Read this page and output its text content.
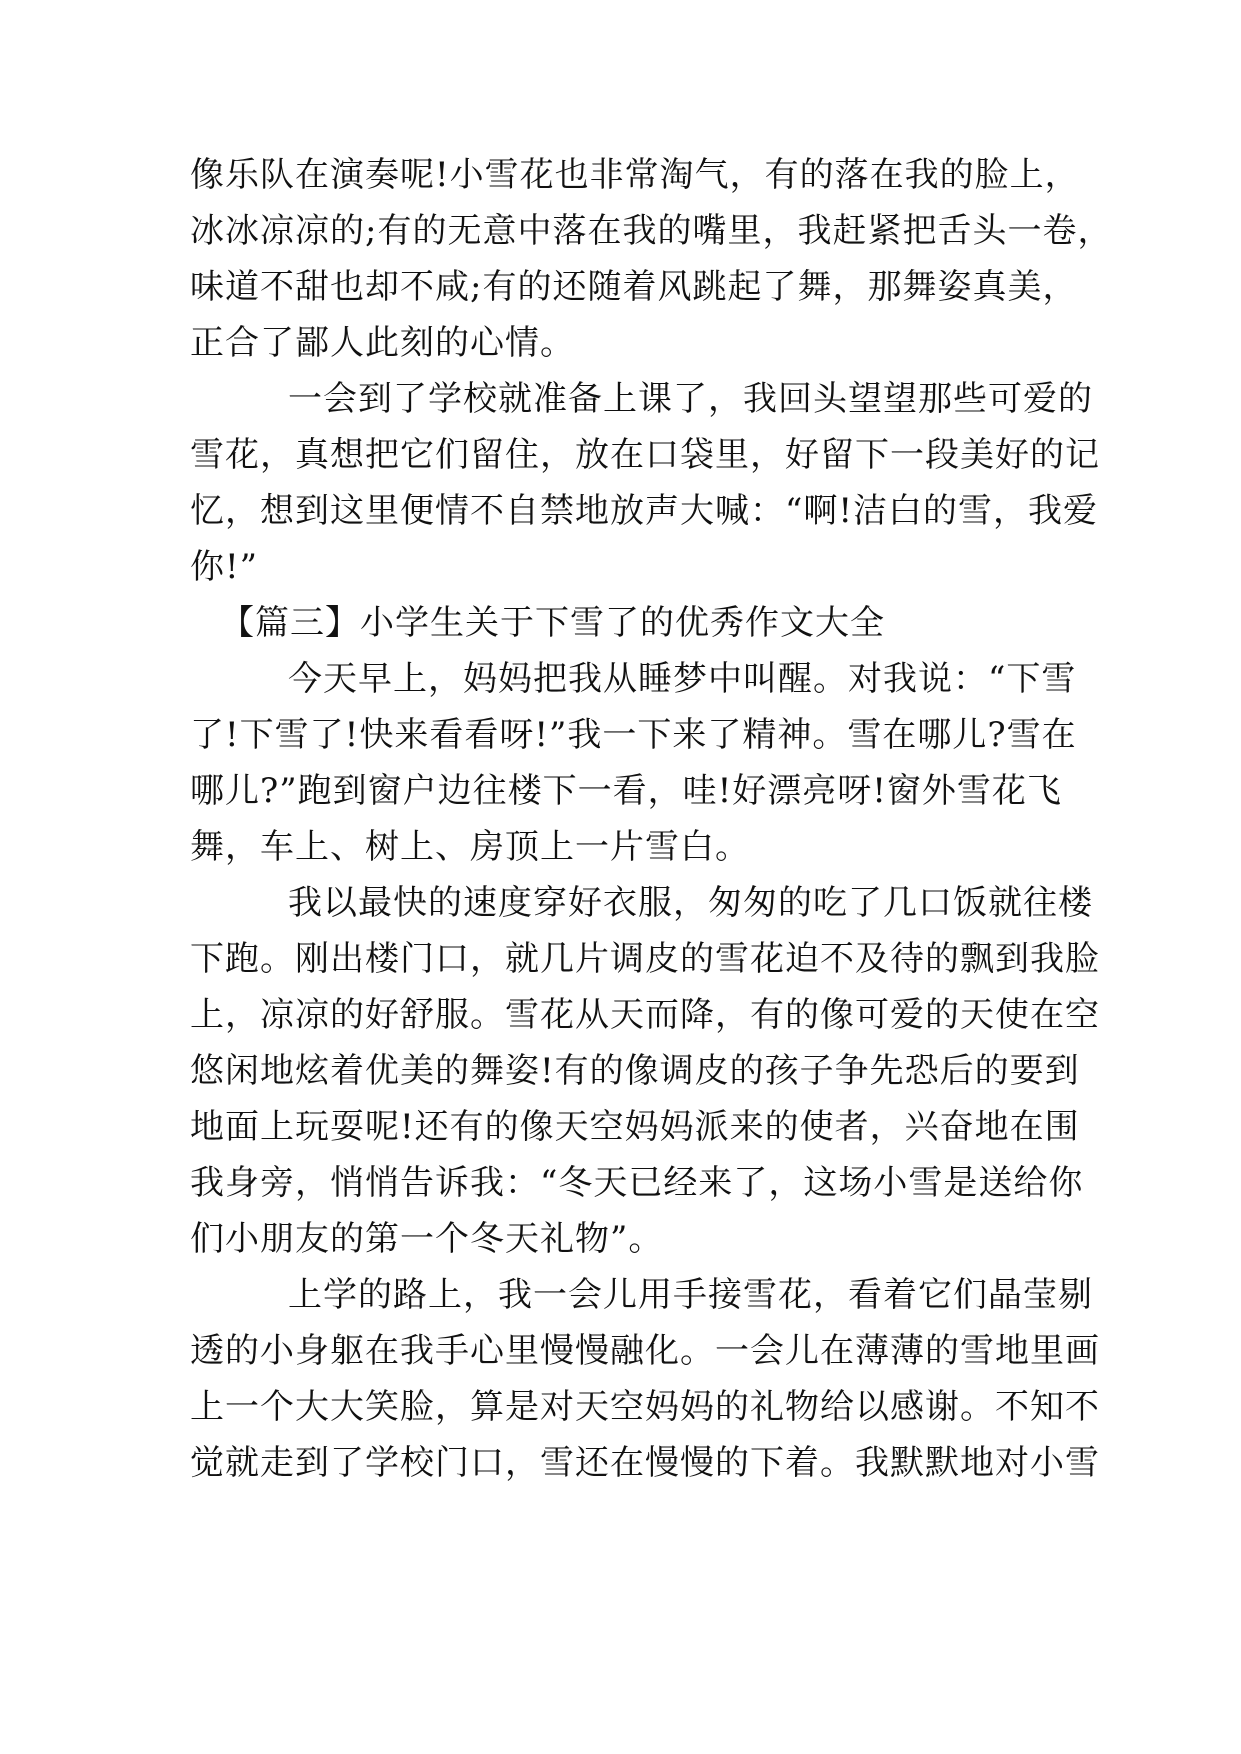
像乐队在演奏呢!小雪花也非常淘气，有的落在我的脸上，
冰冰凉凉的;有的无意中落在我的嘴里，我赶紧把舌头一卷，
味道不甜也却不咸;有的还随着风跳起了舞，那舞姿真美，
正合了鄙人此刻的心情。
一会到了学校就准备上课了，我回头望望那些可爱的
雪花，真想把它们留住，放在口袋里，好留下一段美好的记
忆，想到这里便情不自禁地放声大喊：“啊!洁白的雪，我爱
你!”
【篇三】小学生关于下雪了的优秀作文大全
今天早上，妈妈把我从睡梦中叫醒。对我说：“下雪
了!下雪了!快来看看呀!”我一下来了精神。雪在哪儿?雪在
哪儿?”跑到窗户边往楼下一看，哇!好漂亮呀!窗外雪花飞
舞，车上、树上、房顶上一片雪白。
我以最快的速度穿好衣服，匆匆的吃了几口饭就往楼
下跑。刚出楼门口，就几片调皮的雪花迫不及待的飘到我脸
上，凉凉的好舒服。雪花从天而降，有的像可爱的天使在空
悠闲地炫着优美的舞姿!有的像调皮的孩子争先恐后的要到
地面上玩耍呢!还有的像天空妈妈派来的使者，兴奋地在围
我身旁，悄悄告诉我：“冬天已经来了，这场小雪是送给你
们小朋友的第一个冬天礼物”。
上学的路上，我一会儿用手接雪花，看着它们晶莹剔
透的小身躯在我手心里慢慢融化。一会儿在薄薄的雪地里画
上一个大大笑脸，算是对天空妈妈的礼物给以感谢。不知不
觉就走到了学校门口，雪还在慢慢的下着。我默默地对小雪
